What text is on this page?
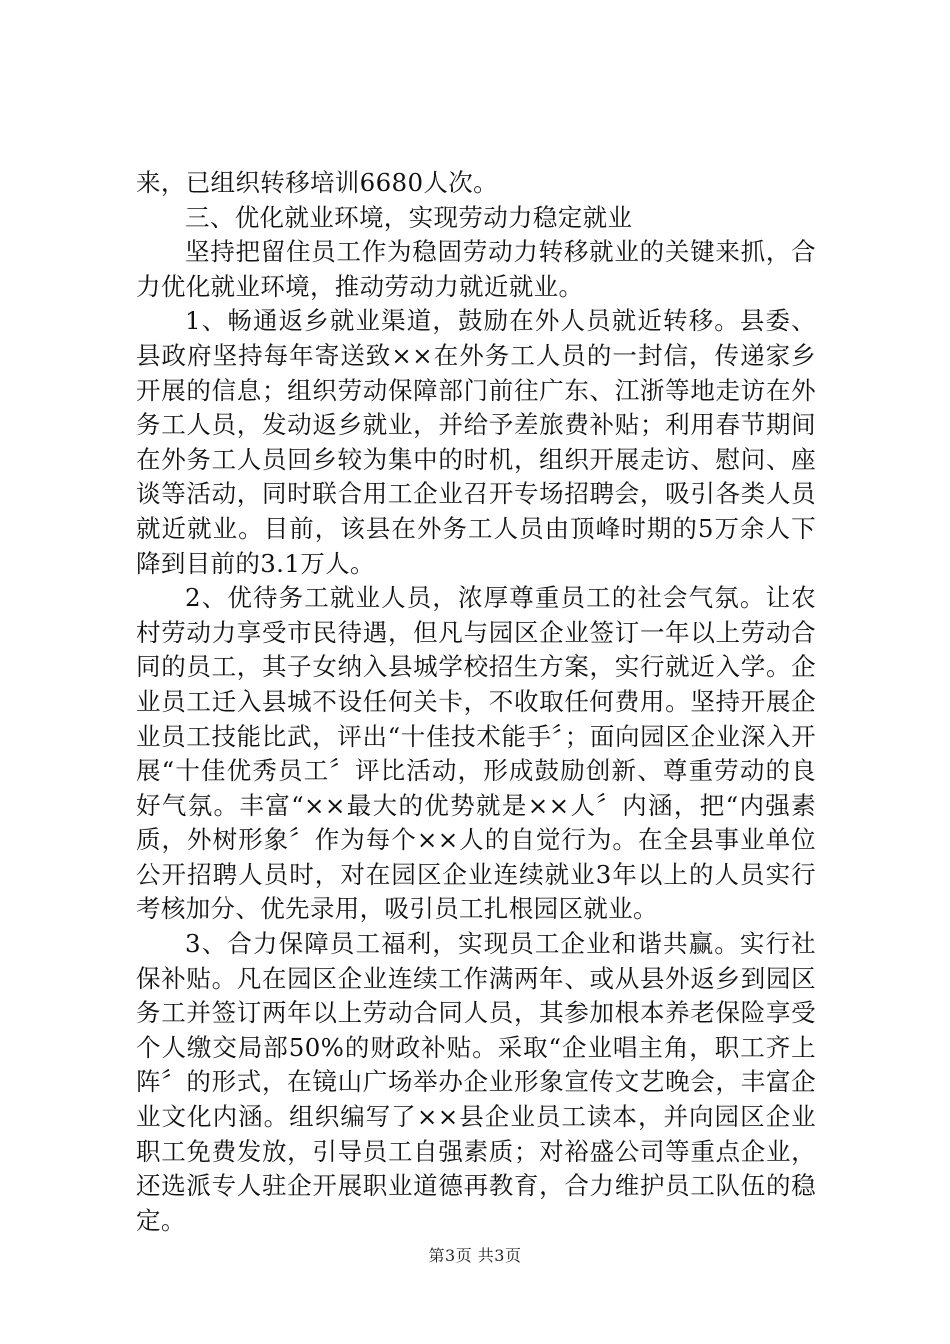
来，已组织转移培训6680人次。

三、优化就业环境，实现劳动力稳定就业

坚持把留住员工作为稳固劳动力转移就业的关键来抓，合力优化就业环境，推动劳动力就近就业。

1、畅通返乡就业渠道，鼓励在外人员就近转移。县委、县政府坚持每年寄送致××在外务工人员的一封信，传递家乡开展的信息；组织劳动保障部门前往广东、江浙等地走访在外务工人员，发动返乡就业，并给予差旅费补贴；利用春节期间在外务工人员回乡较为集中的时机，组织开展走访、慰问、座谈等活动，同时联合用工企业召开专场招聘会，吸引各类人员就近就业。目前，该县在外务工人员由顶峰时期的5万余人下降到目前的3.1万人。

2、优待务工就业人员，浓厚尊重员工的社会气氛。让农村劳动力享受市民待遇，但凡与园区企业签订一年以上劳动合同的员工，其子女纳入县城学校招生方案，实行就近入学。企业员工迁入县城不设任何关卡，不收取任何费用。坚持开展企业员工技能比武，评出“十佳技术能手〞；面向园区企业深入开展“十佳优秀员工〞评比活动，形成鼓励创新、尊重劳动的良好气氛。丰富“××最大的优势就是××人〞内涵，把“内强素质，外树形象〞作为每个××人的自觉行为。在全县事业单位公开招聘人员时，对在园区企业连续就业3年以上的人员实行考核加分、优先录用，吸引员工扎根园区就业。

3、合力保障员工福利，实现员工企业和谐共赢。实行社保补贴。凡在园区企业连续工作满两年、或从县外返乡到园区务工并签订两年以上劳动合同人员，其参加根本养老保险享受个人缴交局部50%的财政补贴。采取“企业唱主角，职工齐上阵〞的形式，在镜山广场举办企业形象宣传文艺晚会，丰富企业文化内涵。组织编写了××县企业员工读本，并向园区企业职工免费发放，引导员工自强素质；对裕盛公司等重点企业，还选派专人驻企开展职业道德再教育，合力维护员工队伍的稳定。

第3页 共3页
